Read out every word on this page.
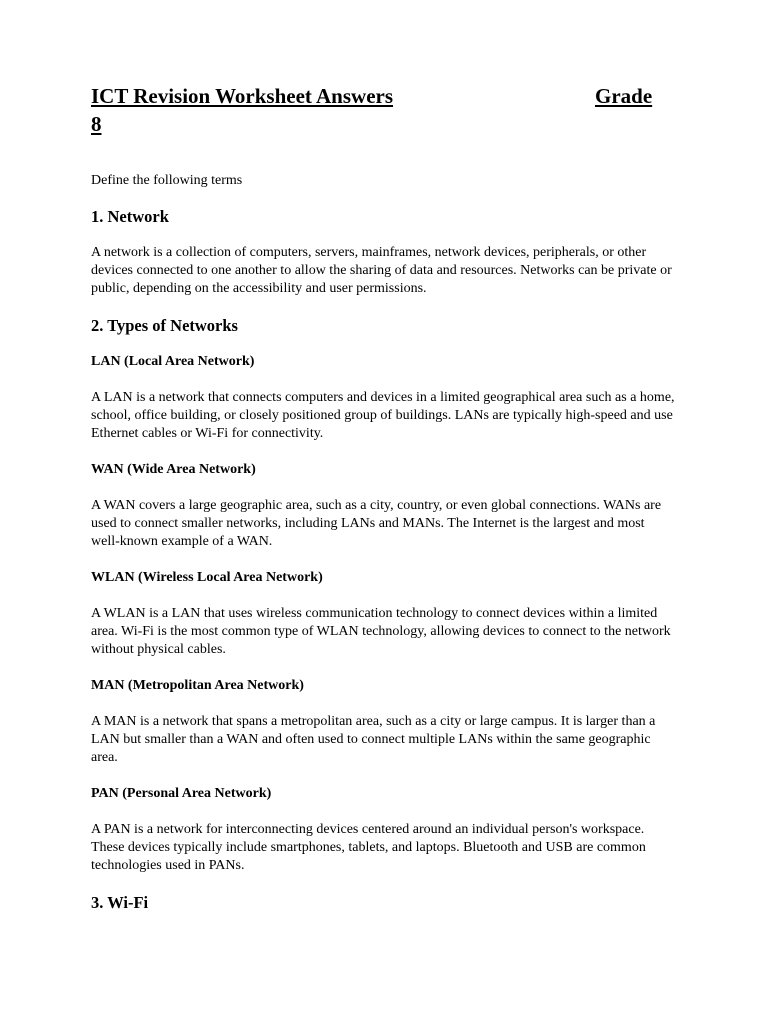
ICT Revision Worksheet Answers	Grade
8

Define the following terms

1. Network

A network is a collection of computers, servers, mainframes, network devices, peripherals, or other devices connected to one another to allow the sharing of data and resources. Networks can be private or public, depending on the accessibility and user permissions.

2. Types of Networks
LAN (Local Area Network)

A LAN is a network that connects computers and devices in a limited geographical area such as a home, school, office building, or closely positioned group of buildings. LANs are typically high-speed and use Ethernet cables or Wi-Fi for connectivity.

WAN (Wide Area Network)

A WAN covers a large geographic area, such as a city, country, or even global connections. WANs are used to connect smaller networks, including LANs and MANs. The Internet is the largest and most well-known example of a WAN.

WLAN (Wireless Local Area Network)

A WLAN is a LAN that uses wireless communication technology to connect devices within a limited area. Wi-Fi is the most common type of WLAN technology, allowing devices to connect to the network without physical cables.

MAN (Metropolitan Area Network)

A MAN is a network that spans a metropolitan area, such as a city or large campus. It is larger than a LAN but smaller than a WAN and often used to connect multiple LANs within the same geographic area.

PAN (Personal Area Network)

A PAN is a network for interconnecting devices centered around an individual person's workspace. These devices typically include smartphones, tablets, and laptops. Bluetooth and USB are common technologies used in PANs.

3. Wi-Fi
